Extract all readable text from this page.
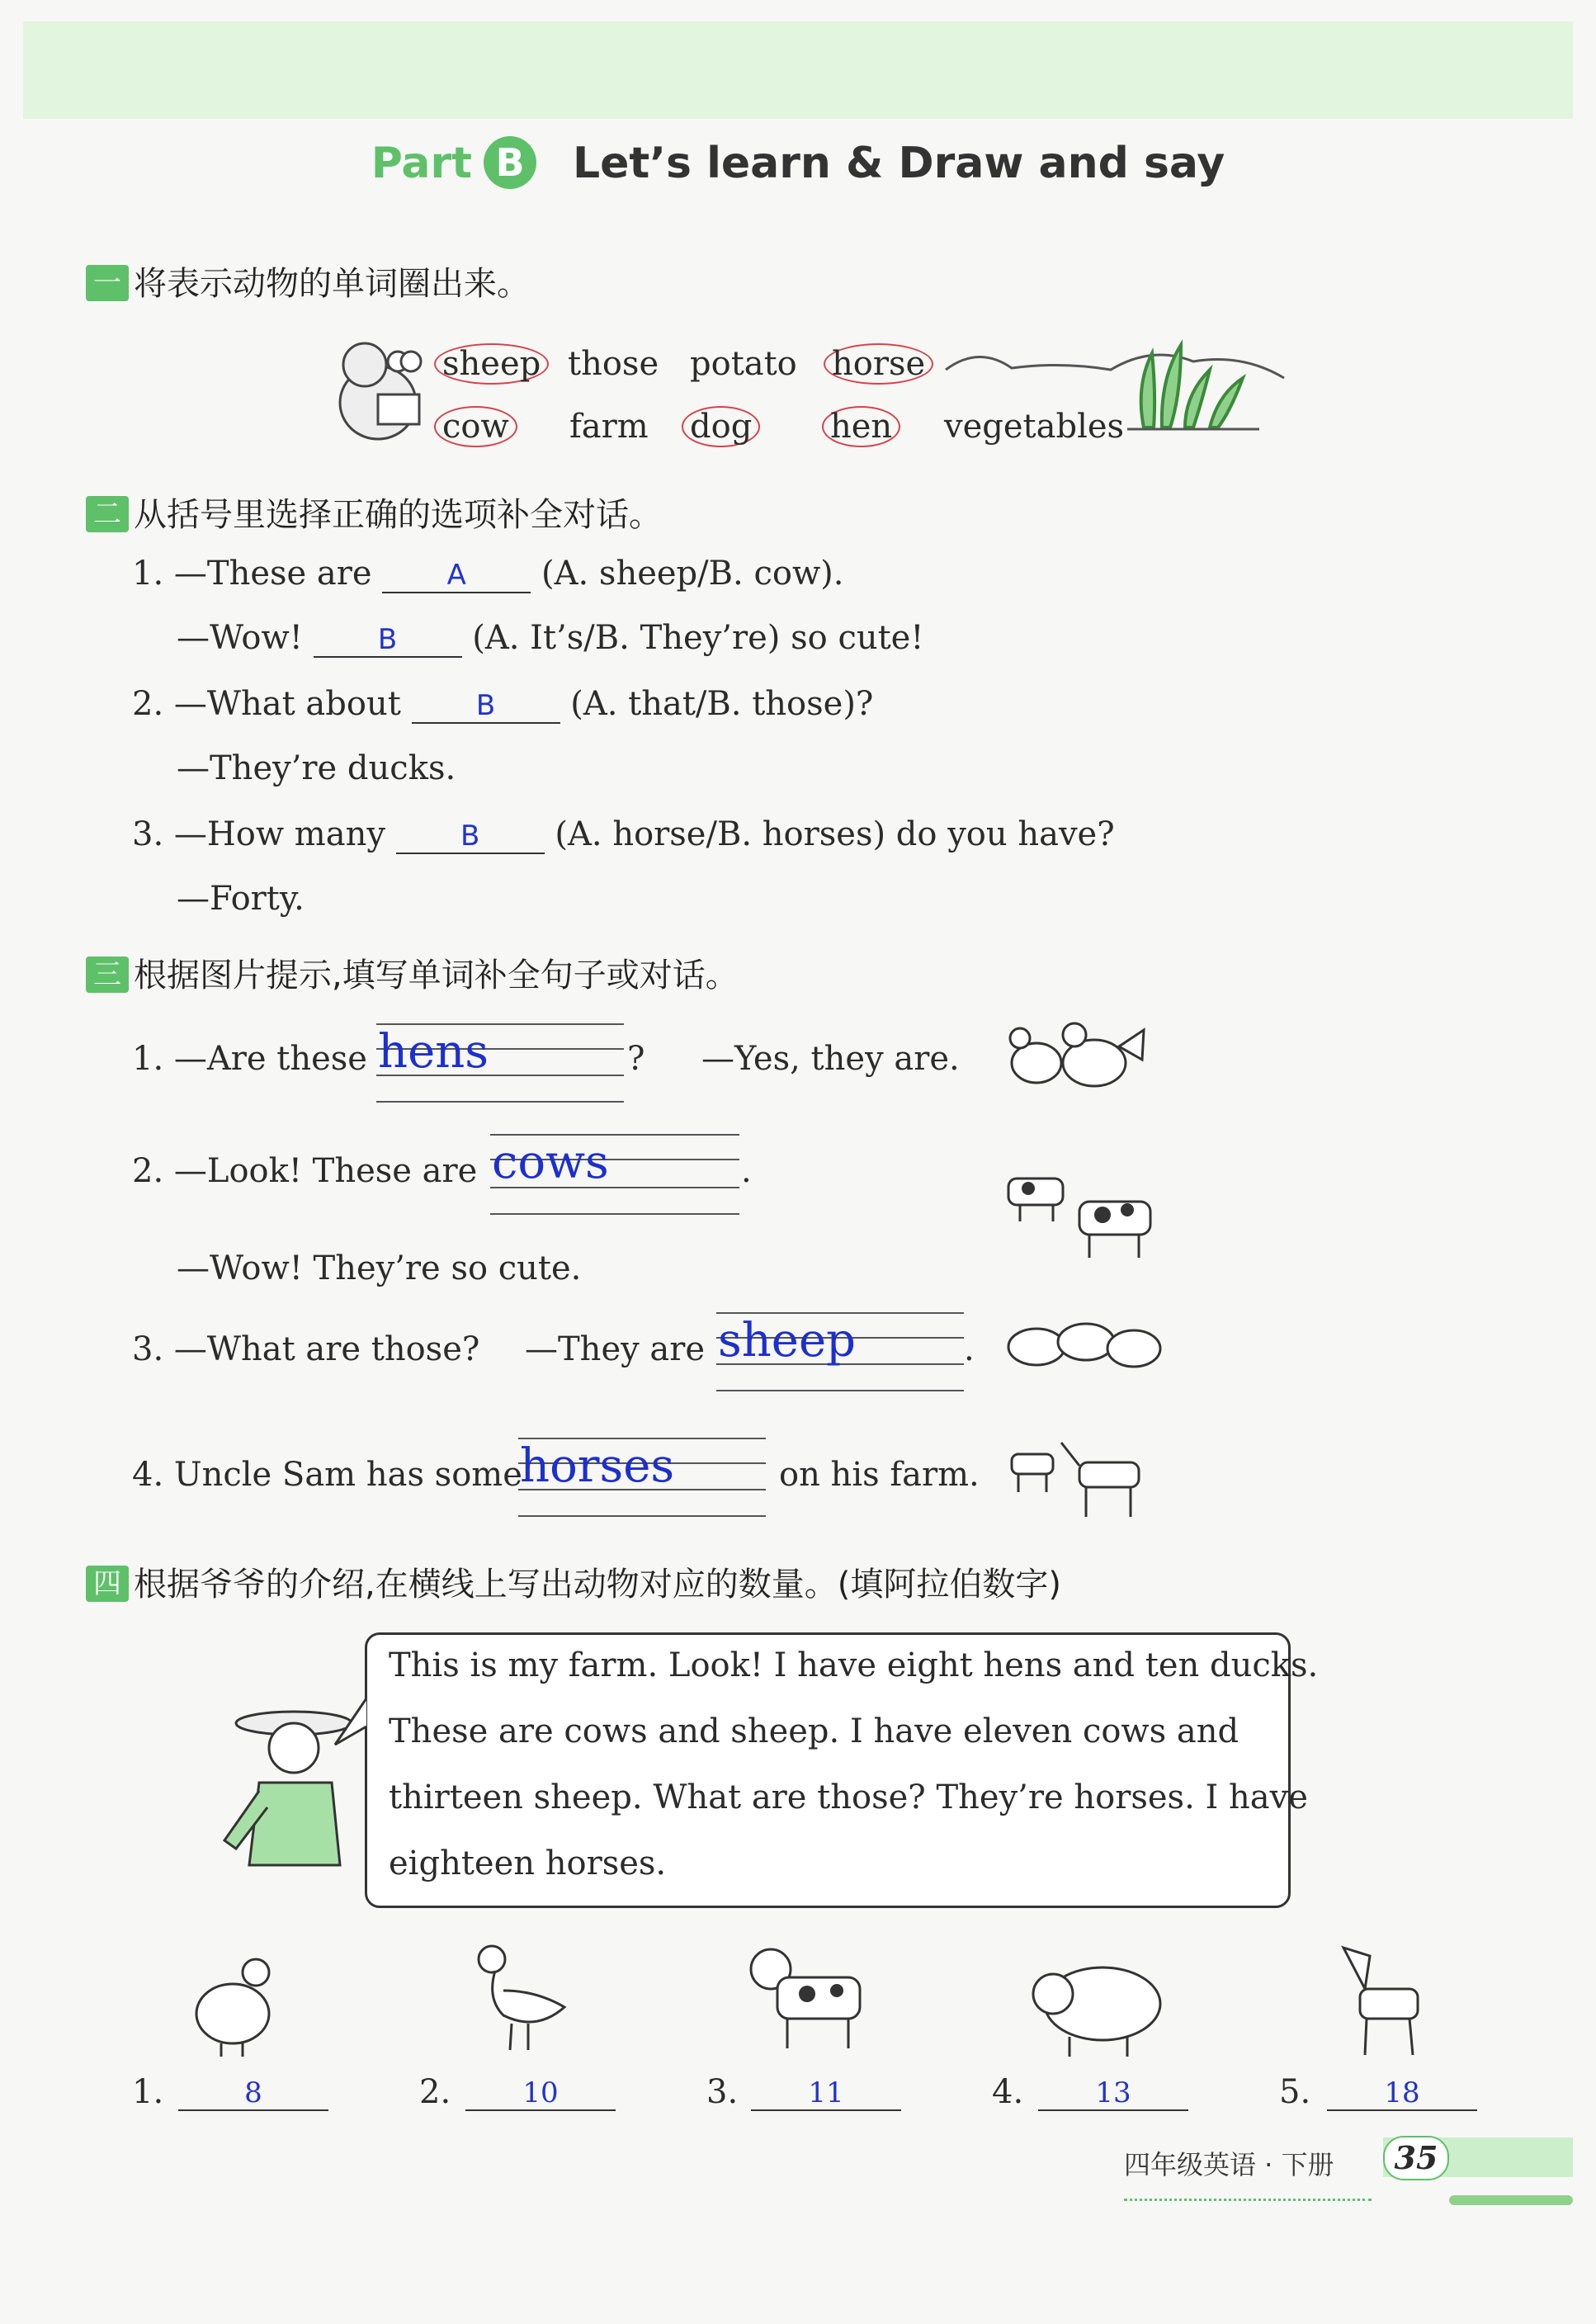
Part B Let’s learn & Draw and say
一 将表示动物的单词圈出来。
sheep those potato horse
cow farm dog hen vegetables
二 从括号里选择正确的选项补全对话。
1. —These are	A (A. sheep/B. cow).
—Wow!	B (A. It’s/B. They’re) so cute!
2. —What about	B (A. that/B. those)?
—They’re ducks.
3. —How many	B (A. horse/B. horses) do you have?
—Forty.
三 根据图片提示,填写单词补全句子或对话。
1. —Are these hens	? —Yes, they are.
2. —Look! These are cows	.
—Wow! They’re so cute.
3. —What are those? —They are sheep	.
4. Uncle Sam has some
horses	on his farm.
四 根据爷爷的介绍,在横线上写出动物对应的数量。(填阿拉伯数字)

This is my farm. Look! I have eight hens and ten ducks.

These are cows and sheep. I have eleven cows and

thirteen sheep. What are those? They’re horses. I have

eighteen horses.

1.	8	2.	10	3.	11	4.	13	5.	18
四年级英语 · 下册	35
